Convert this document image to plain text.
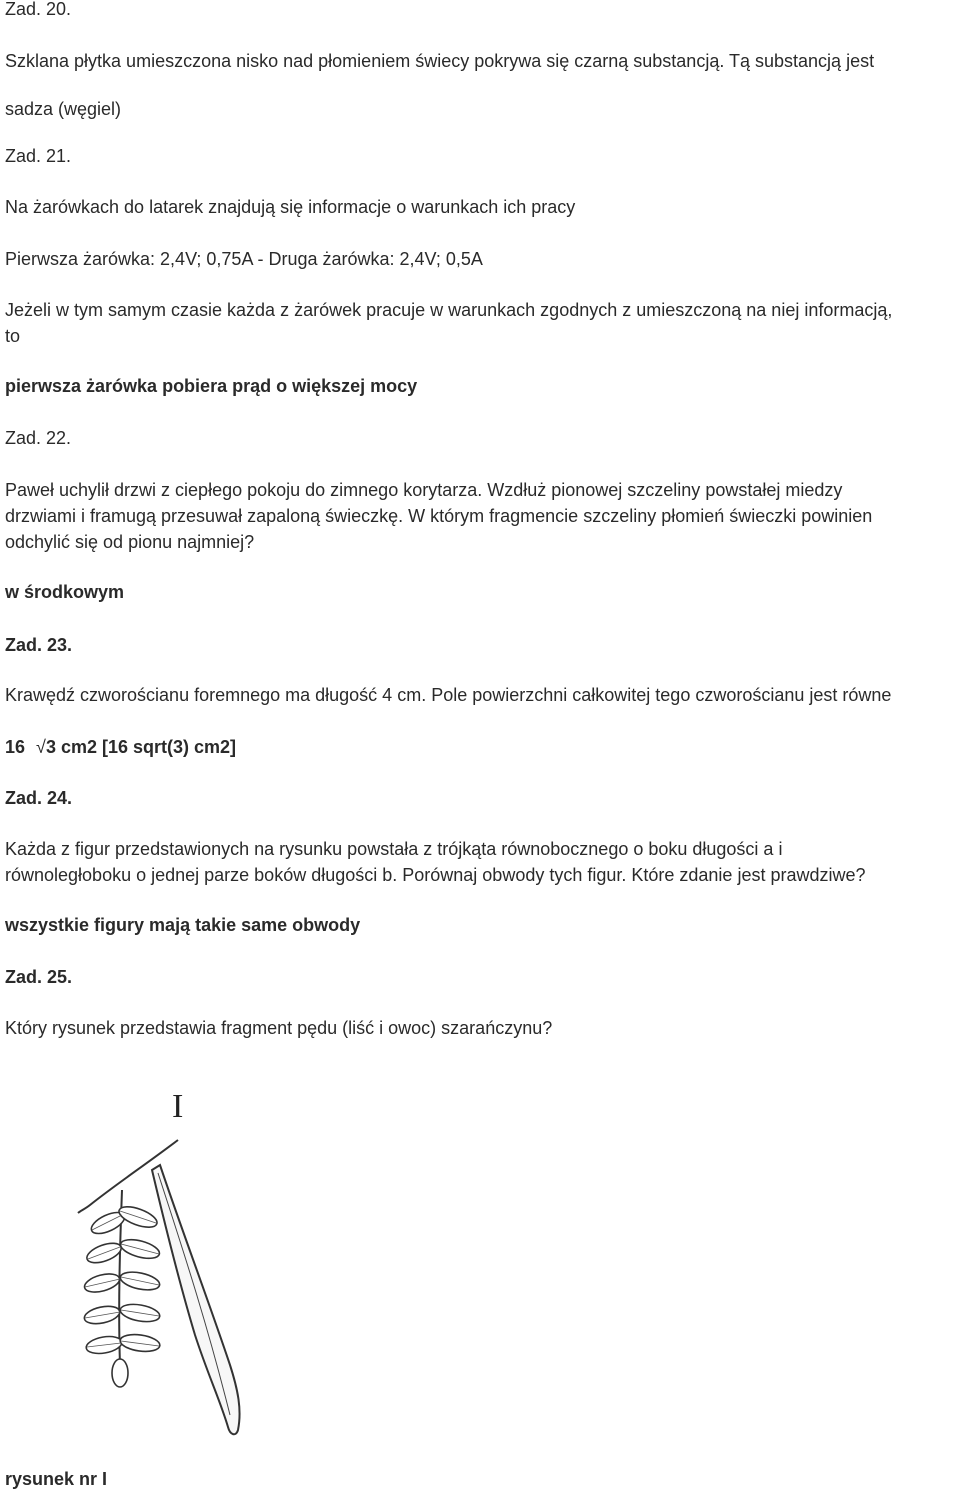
Zad. 20.
Szklana płytka umieszczona nisko nad płomieniem świecy pokrywa się czarną substancją. Tą substancją jest
sadza (węgiel)
Zad. 21.
Na żarówkach do latarek znajdują się informacje o warunkach ich pracy
Pierwsza żarówka: 2,4V; 0,75A - Druga żarówka: 2,4V; 0,5A
Jeżeli w tym samym czasie każda z żarówek pracuje w warunkach zgodnych z umieszczoną na niej informacją,
to
pierwsza żarówka pobiera prąd o większej mocy
Zad. 22.
Paweł uchylił drzwi z ciepłego pokoju do zimnego korytarza. Wzdłuż pionowej szczeliny powstałej miedzy
drzwiami i framugą przesuwał zapaloną świeczkę. W którym fragmencie szczeliny płomień świeczki powinien
odchylić się od pionu najmniej?
w środkowym
Zad. 23.
Krawędź czworościanu foremnego ma długość 4 cm. Pole powierzchni całkowitej tego czworościanu jest równe
16 √3 cm2 [16 sqrt(3) cm2]
Zad. 24.
Każda z figur przedstawionych na rysunku powstała z trójkąta równobocznego o boku długości a i
równoległoboku o jednej parze boków długości b. Porównaj obwody tych figur. Które zdanie jest prawdziwe?
wszystkie figury mają takie same obwody
Zad. 25.
Który rysunek przedstawia fragment pędu (liść i owoc) szarańczynu?
I
rysunek nr I
